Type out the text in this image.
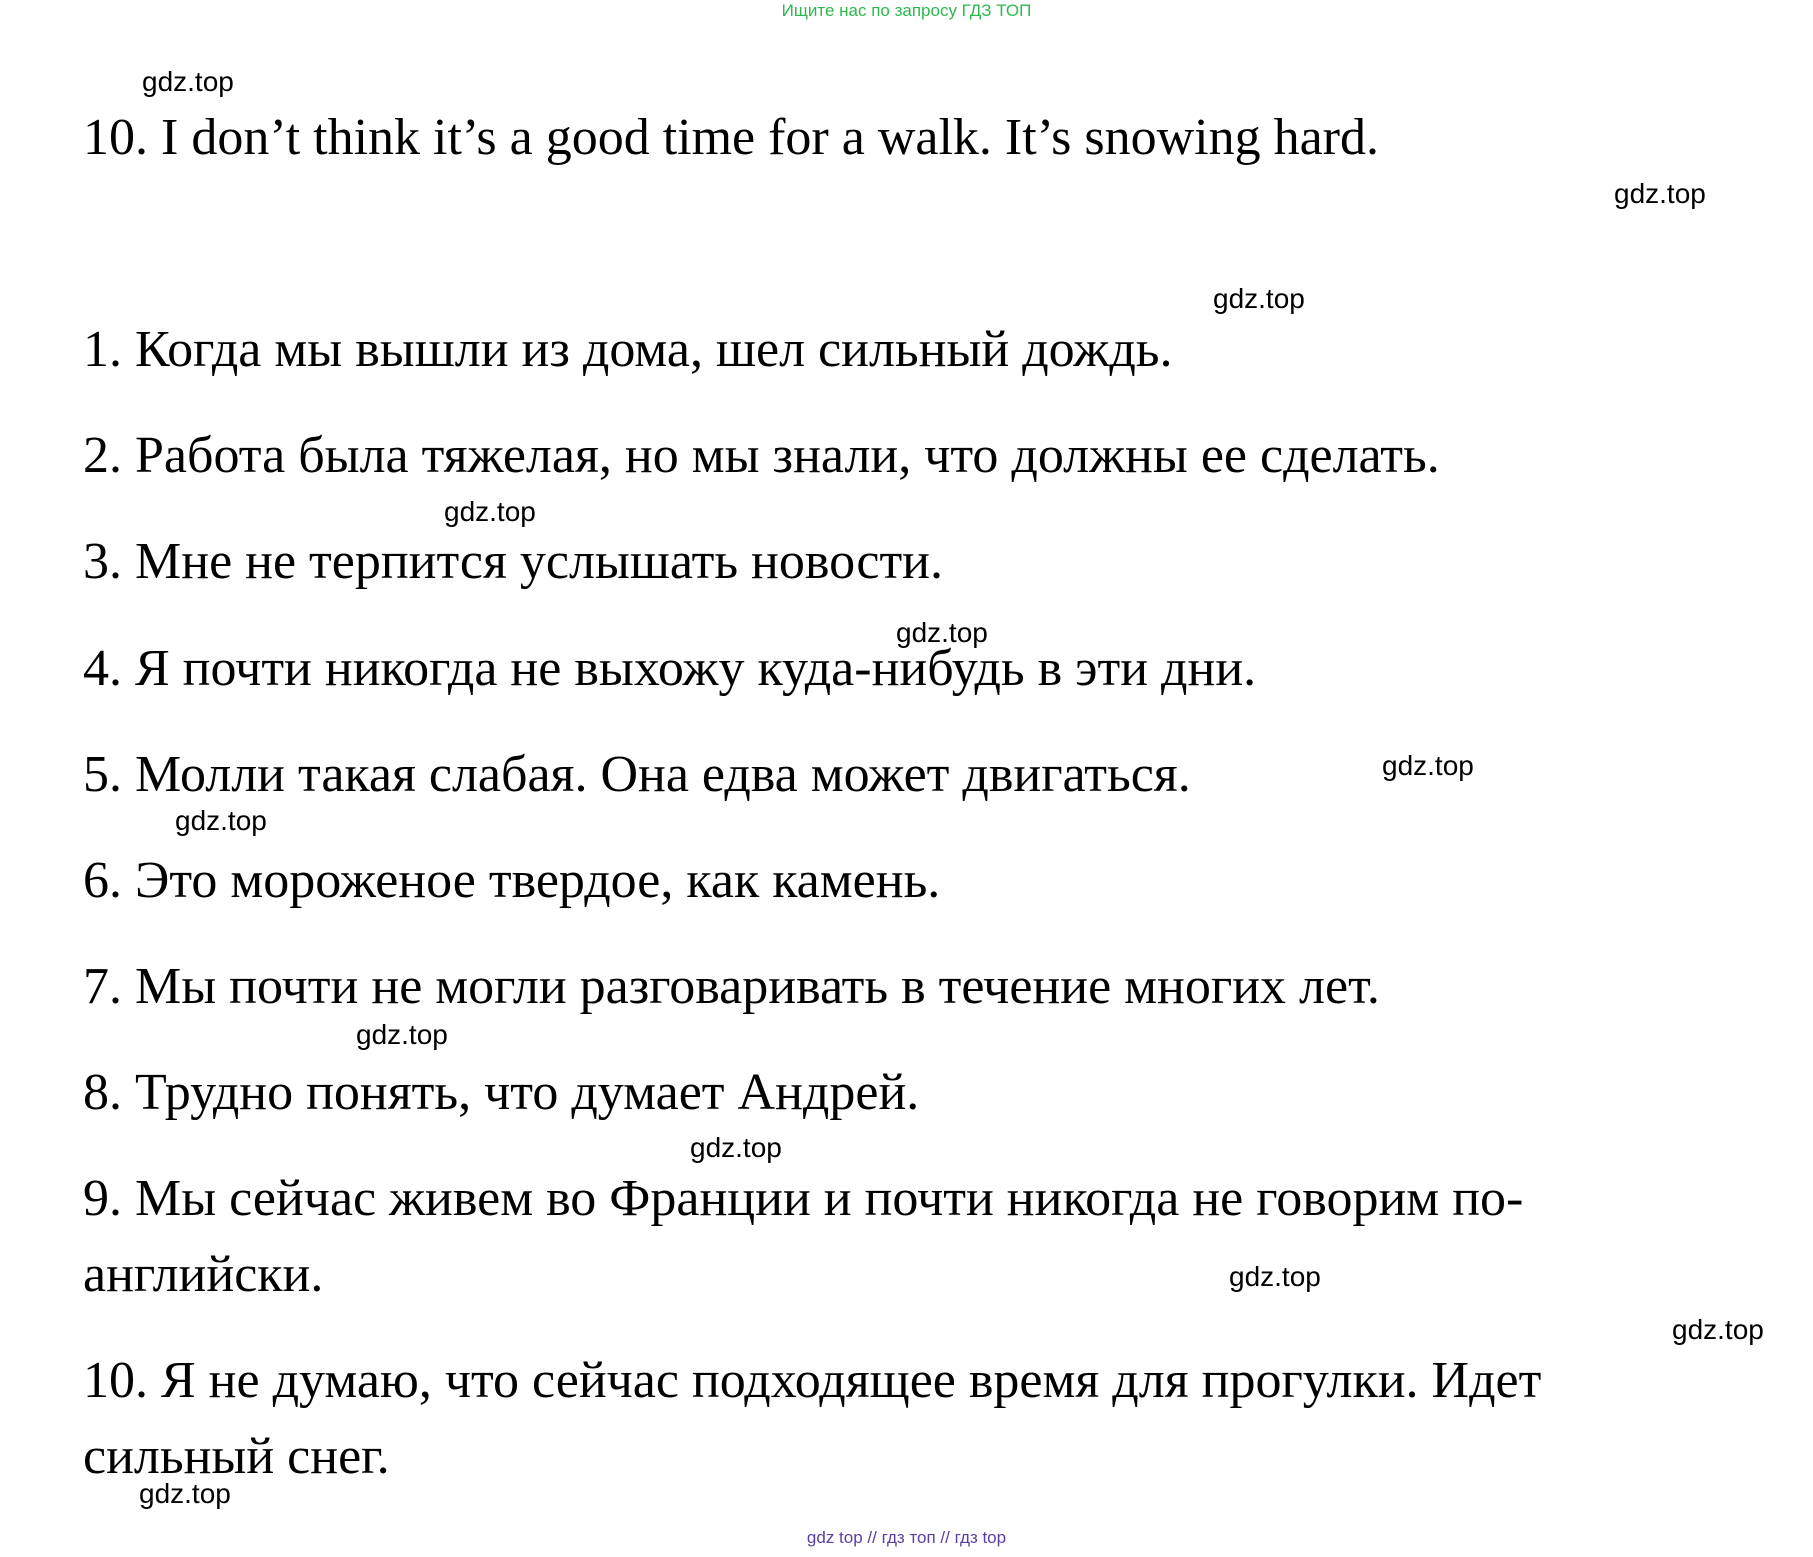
Ищите нас по запросу ГДЗ ТОП
gdz.top
10. I don’t think it’s a good time for a walk. It’s snowing hard.
gdz.top
gdz.top
1. Когда мы вышли из дома, шел сильный дождь.
2. Работа была тяжелая, но мы знали, что должны ее сделать.
gdz.top
3. Мне не терпится услышать новости.
gdz.top
4. Я почти никогда не выхожу куда-нибудь в эти дни.
5. Молли такая слабая. Она едва может двигаться.	gdz.top
gdz.top
6. Это мороженое твердое, как камень.
7. Мы почти не могли разговаривать в течение многих лет.
gdz.top
8. Трудно понять, что думает Андрей.
gdz.top
9. Мы сейчас живем во Франции и почти никогда не говорим по-
английски.	gdz.top
gdz.top
10. Я не думаю, что сейчас подходящее время для прогулки. Идет
сильный снег.
gdz.top
gdz top // гдз топ // гдз top
